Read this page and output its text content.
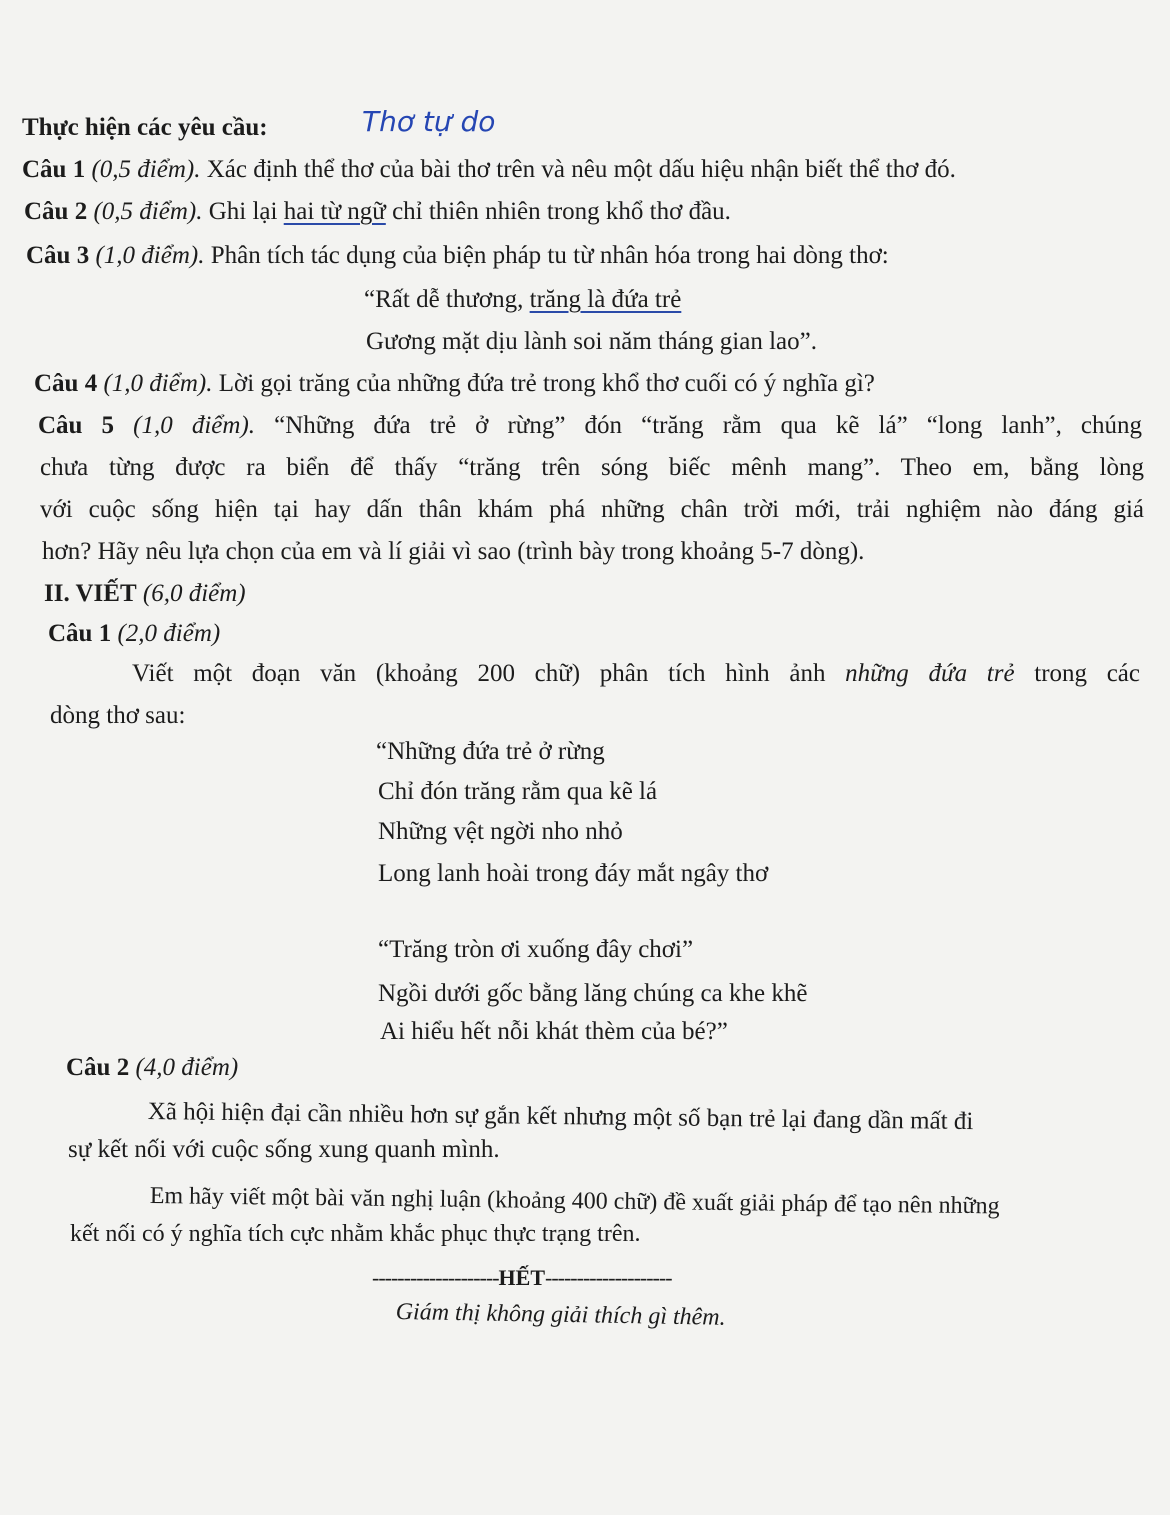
Thực hiện các yêu cầu:	Thơ tự do
Câu 1 (0,5 điểm). Xác định thể thơ của bài thơ trên và nêu một dấu hiệu nhận biết thể thơ đó.
Câu 2 (0,5 điểm). Ghi lại hai từ ngữ chỉ thiên nhiên trong khổ thơ đầu.
Câu 3 (1,0 điểm). Phân tích tác dụng của biện pháp tu từ nhân hóa trong hai dòng thơ:
“Rất dễ thương, trăng là đứa trẻ
Gương mặt dịu lành soi năm tháng gian lao”.
Câu 4 (1,0 điểm). Lời gọi trăng của những đứa trẻ trong khổ thơ cuối có ý nghĩa gì?
Câu 5 (1,0 điểm). “Những đứa trẻ ở rừng” đón “trăng rằm qua kẽ lá” “long lanh”, chúng
chưa từng được ra biển để thấy “trăng trên sóng biếc mênh mang”. Theo em, bằng lòng
với cuộc sống hiện tại hay dấn thân khám phá những chân trời mới, trải nghiệm nào đáng giá
hơn? Hãy nêu lựa chọn của em và lí giải vì sao (trình bày trong khoảng 5-7 dòng).
II. VIẾT (6,0 điểm)
Câu 1 (2,0 điểm)
Viết một đoạn văn (khoảng 200 chữ) phân tích hình ảnh những đứa trẻ trong các
dòng thơ sau:
“Những đứa trẻ ở rừng
Chỉ đón trăng rằm qua kẽ lá
Những vệt ngời nho nhỏ
Long lanh hoài trong đáy mắt ngây thơ
“Trăng tròn ơi xuống đây chơi”
Ngồi dưới gốc bằng lăng chúng ca khe khẽ
Ai hiểu hết nỗi khát thèm của bé?”
Câu 2 (4,0 điểm)
Xã hội hiện đại cần nhiều hơn sự gắn kết nhưng một số bạn trẻ lại đang dần mất đi
sự kết nối với cuộc sống xung quanh mình.
Em hãy viết một bài văn nghị luận (khoảng 400 chữ) đề xuất giải pháp để tạo nên những
kết nối có ý nghĩa tích cực nhằm khắc phục thực trạng trên.
--------------------HẾT--------------------
Giám thị không giải thích gì thêm.
